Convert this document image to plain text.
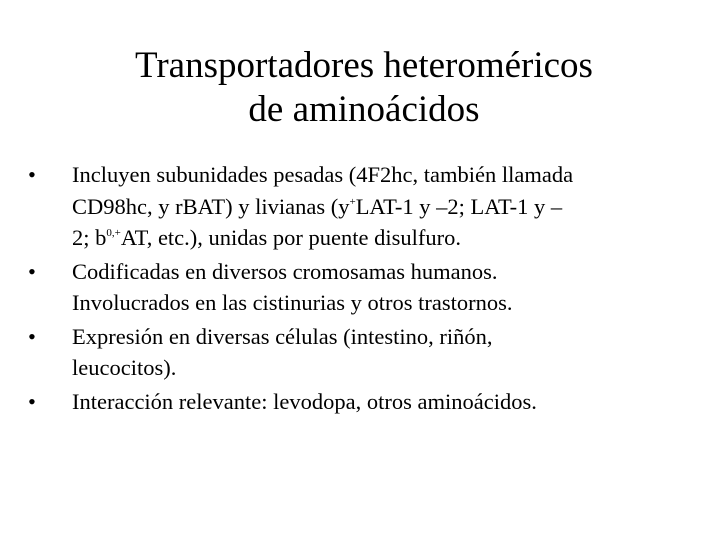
Transportadores heteroméricos
de aminoácidos
•	Incluyen subunidades pesadas (4F2hc, también llamada
CD98hc, y rBAT) y livianas (y+LAT-1 y –2; LAT-1 y –
2; $b^{0,+}AT$, etc.), unidas por puente disulfuro.
•	Codificadas en diversos cromosamas humanos.
Involucrados en las cistinurias y otros trastornos.
•	Expresión en diversas células (intestino, riñón,
leucocitos).
•	Interacción relevante: levodopa, otros aminoácidos.
